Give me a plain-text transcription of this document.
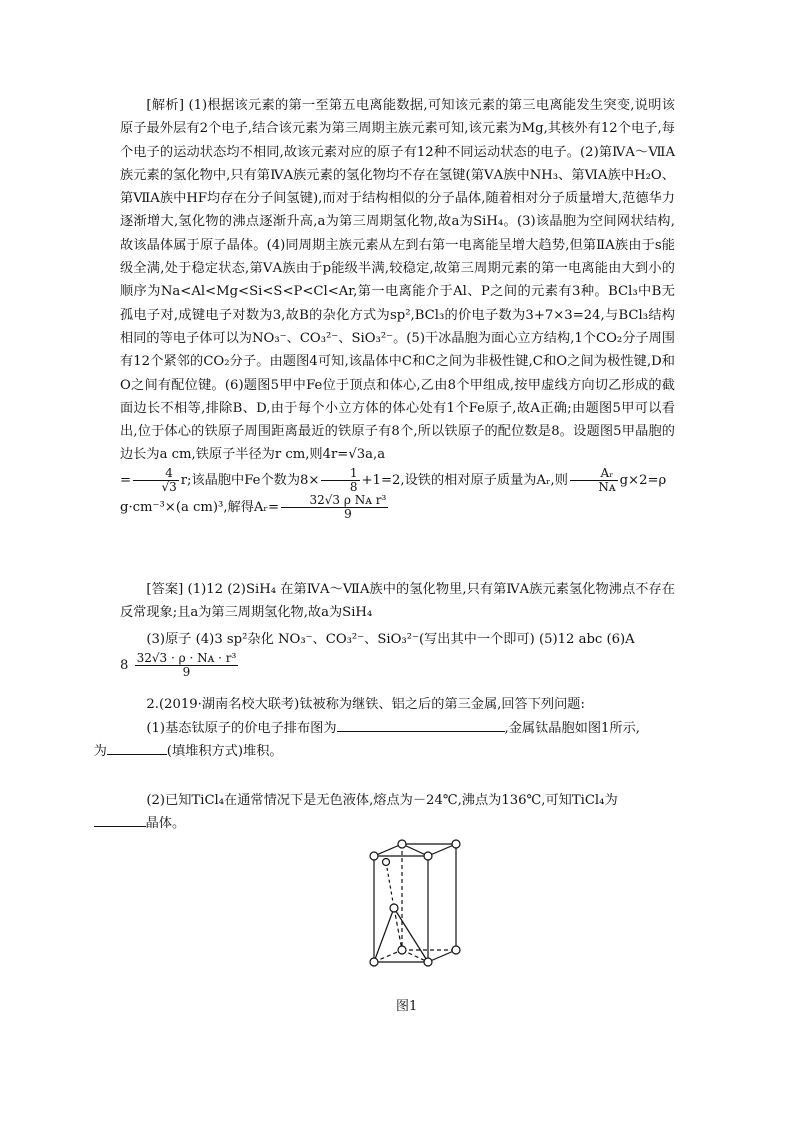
[解析] (1)根据该元素的第一至第五电离能数据,可知该元素的第三电离能发生突变,说明该原子最外层有2个电子,结合该元素为第三周期主族元素可知,该元素为Mg,其核外有12个电子,每个电子的运动状态均不相同,故该元素对应的原子有12种不同运动状态的电子。(2)第ⅣA～ⅦA族元素的氢化物中,只有第ⅣA族元素的氢化物均不存在氢键(第ⅤA族中NH₃、第ⅥA族中H₂O、第ⅦA族中HF均存在分子间氢键),而对于结构相似的分子晶体,随着相对分子质量增大,范德华力逐渐增大,氢化物的沸点逐渐升高,a为第三周期氢化物,故a为SiH₄。(3)该晶胞为空间网状结构,故该晶体属于原子晶体。(4)同周期主族元素从左到右第一电离能呈增大趋势,但第ⅡA族由于s能级全满,处于稳定状态,第ⅤA族由于p能级半满,较稳定,故第三周期元素的第一电离能由大到小的顺序为Na<Al<Mg<Si<S<P<Cl<Ar,第一电离能介于Al、P之间的元素有3种。BCl₃中B无孤电子对,成键电子对数为3,故B的杂化方式为sp²,BCl₃的价电子数为3+7×3=24,与BCl₃结构相同的等电子体可以为NO₃⁻、CO₃²⁻、SiO₃²⁻。(5)干冰晶胞为面心立方结构,1个CO₂分子周围有12个紧邻的CO₂分子。由题图4可知,该晶体中C和C之间为非极性键,C和O之间为极性键,D和O之间有配位键。(6)题图5甲中Fe位于顶点和体心,乙由8个甲组成,按甲虚线方向切乙形成的截面边长不相等,排除B、D,由于每个小立方体的体心处有1个Fe原子,故A正确;由题图5甲可以看出,位于体心的铁原子周围距离最近的铁原子有8个,所以铁原子的配位数是8。设题图5甲晶胞的边长为a cm,铁原子半径为r cm,则4r=√3a,a
= $\frac{4}{√3} r$;该晶胞中Fe个数为$8\times \frac{1}{8} +1=2$,设铁的相对原子质量为Aᵣ,则 $\frac{\text{Aᵣ}}{\text{Nᴀ}} g\times 2=\rho$
g·cm⁻³×(a cm)³,解得Aᵣ= $\frac{\text{32√3 ρ Nᴀ r³}}{9}$

[答案] (1)12 (2)SiH₄ 在第ⅣA～ⅦA族中的氢化物里,只有第ⅣA族元素氢化物沸点不存在反常现象;且a为第三周期氢化物,故a为SiH₄

(3)原子 (4)3 sp²杂化 NO₃⁻、CO₃²⁻、SiO₃²⁻(写出其中一个即可) (5)12 abc (6)A

$8 \frac{\text{32√3 · ρ · Nᴀ · r³}}{9}$

2.(2019·湖南名校大联考)钛被称为继铁、铝之后的第三金属,回答下列问题:

(1)基态钛原子的价电子排布图为	,金属钛晶胞如图1所示,
为	(填堆积方式)堆积。

(2)已知TiCl₄在通常情况下是无色液体,熔点为－24℃,沸点为136℃,可知TiCl₄为
晶体。

图1
